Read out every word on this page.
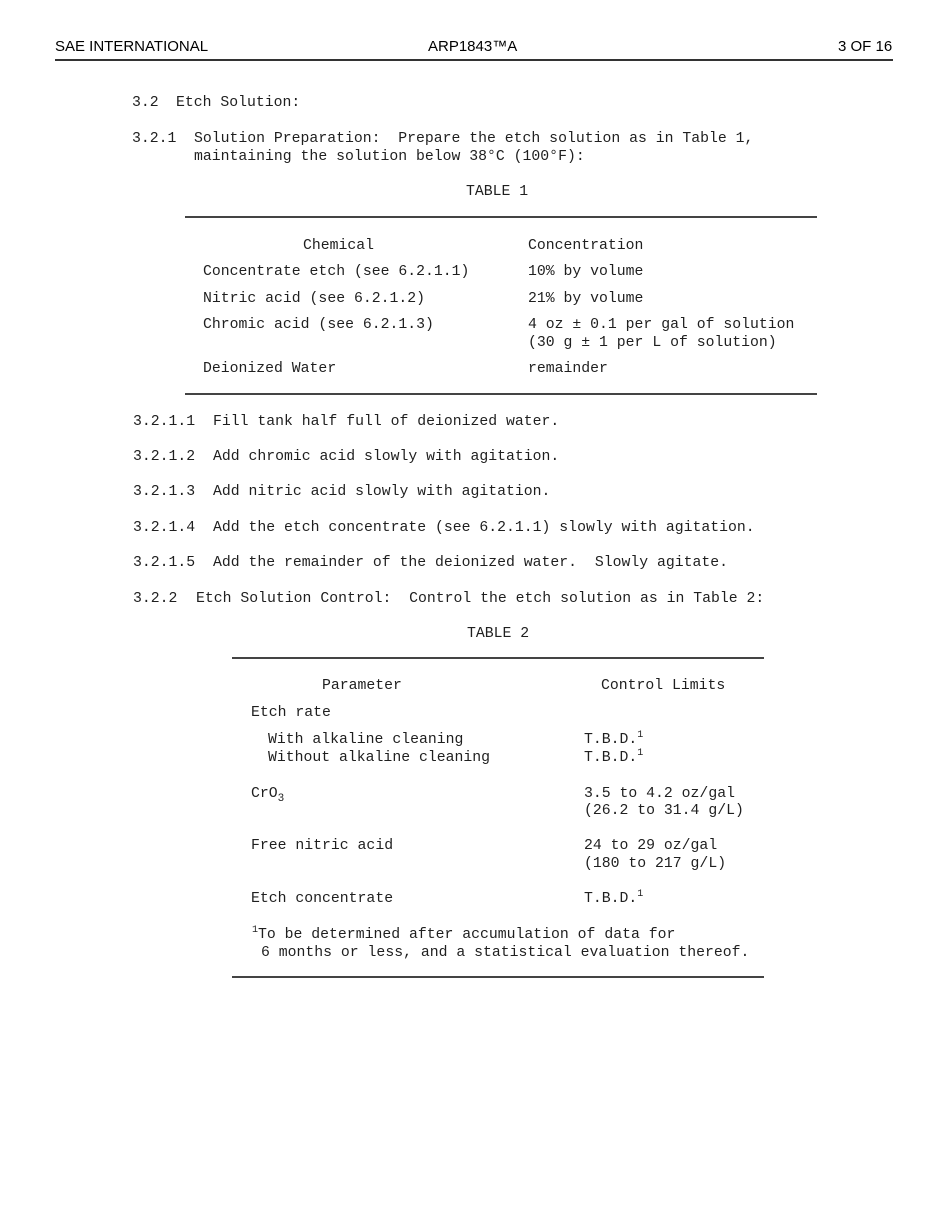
SAE INTERNATIONAL	ARP1843™A	3 OF 16
3.2 Etch Solution:
3.2.1 Solution Preparation:  Prepare the etch solution as in Table 1,
maintaining the solution below 38°C (100°F):
TABLE 1
Chemical	Concentration
Concentrate etch (see 6.2.1.1)	10% by volume
Nitric acid (see 6.2.1.2)	21% by volume
Chromic acid (see 6.2.1.3)	4 oz ± 0.1 per gal of solution
(30 g ± 1 per L of solution)
Deionized Water	remainder
3.2.1.1 Fill tank half full of deionized water.
3.2.1.2 Add chromic acid slowly with agitation.
3.2.1.3 Add nitric acid slowly with agitation.
3.2.1.4 Add the etch concentrate (see 6.2.1.1) slowly with agitation.
3.2.1.5 Add the remainder of the deionized water.  Slowly agitate.
3.2.2 Etch Solution Control:  Control the etch solution as in Table 2:
TABLE 2
Parameter	Control Limits
Etch rate
With alkaline cleaning	T.B.D.$^1$
Without alkaline cleaning	T.B.D.$^1$
CrO$_3$	3.5 to 4.2 oz/gal
(26.2 to 31.4 g/L)
Free nitric acid	24 to 29 oz/gal
(180 to 217 g/L)
Etch concentrate	T.B.D.$^1$
$^1$To be determined after accumulation of data for
6 months or less, and a statistical evaluation thereof.
